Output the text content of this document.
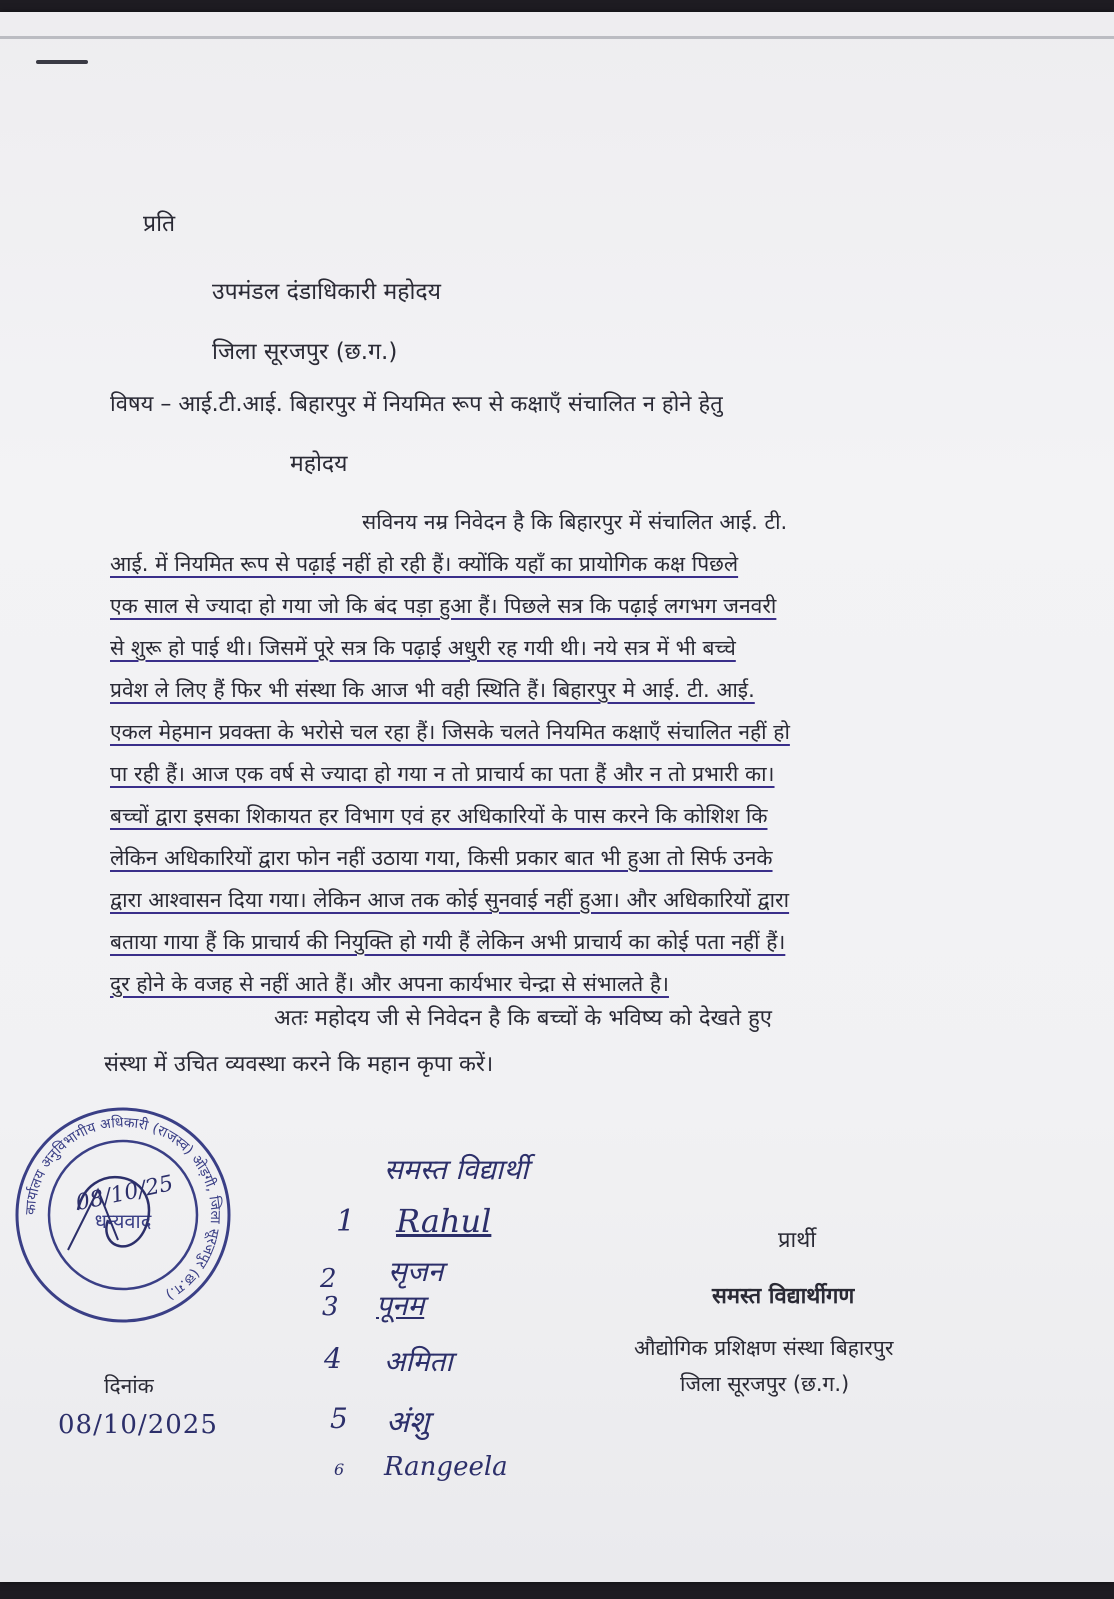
प्रति
उपमंडल दंडाधिकारी महोदय
जिला सूरजपुर (छ.ग.)
विषय – आई.टी.आई. बिहारपुर में नियमित रूप से कक्षाएँ संचालित न होने हेतु
महोदय
सविनय नम्र निवेदन है कि बिहारपुर में संचालित आई. टी.
आई. में नियमित रूप से पढ़ाई नहीं हो रही हैं। क्योंकि यहाँ का प्रायोगिक कक्ष पिछले
एक साल से ज्यादा हो गया जो कि बंद पड़ा हुआ हैं। पिछले सत्र कि पढ़ाई लगभग जनवरी
से शुरू हो पाई थी। जिसमें पूरे सत्र कि पढ़ाई अधुरी रह गयी थी। नये सत्र में भी बच्चे
प्रवेश ले लिए हैं फिर भी संस्था कि आज भी वही स्थिति हैं। बिहारपुर मे आई. टी. आई.
एकल मेहमान प्रवक्ता के भरोसे चल रहा हैं। जिसके चलते नियमित कक्षाएँ संचालित नहीं हो
पा रही हैं। आज एक वर्ष से ज्यादा हो गया न तो प्राचार्य का पता हैं और न तो प्रभारी का।
बच्चों द्वारा इसका शिकायत हर विभाग एवं हर अधिकारियों के पास करने कि कोशिश कि
लेकिन अधिकारियों द्वारा फोन नहीं उठाया गया, किसी प्रकार बात भी हुआ तो सिर्फ उनके
द्वारा आश्वासन दिया गया। लेकिन आज तक कोई सुनवाई नहीं हुआ। और अधिकारियों द्वारा
बताया गाया हैं कि प्राचार्य की नियुक्ति हो गयी हैं लेकिन अभी प्राचार्य का कोई पता नहीं हैं।
दुर होने के वजह से नहीं आते हैं। और अपना कार्यभार चेन्द्रा से संभालते है।
अतः महोदय जी से निवेदन है कि बच्चों के भविष्य को देखते हुए
संस्था में उचित व्यवस्था करने कि महान कृपा करें।
कार्यालय अनुविभागीय अधिकारी (राजस्व) ओड़गी, जिला सूरजपुर (छ.ग.)
धन्यवाद
08/10/25
समस्त विद्यार्थी
1 Rahul
2 सृजन
3 पूनम
4 अमिता
5 अंशु
6 Rangeela
प्रार्थी
समस्त विद्यार्थीगण
औद्योगिक प्रशिक्षण संस्था बिहारपुर
जिला सूरजपुर (छ.ग.)
दिनांक
08/10/2025
